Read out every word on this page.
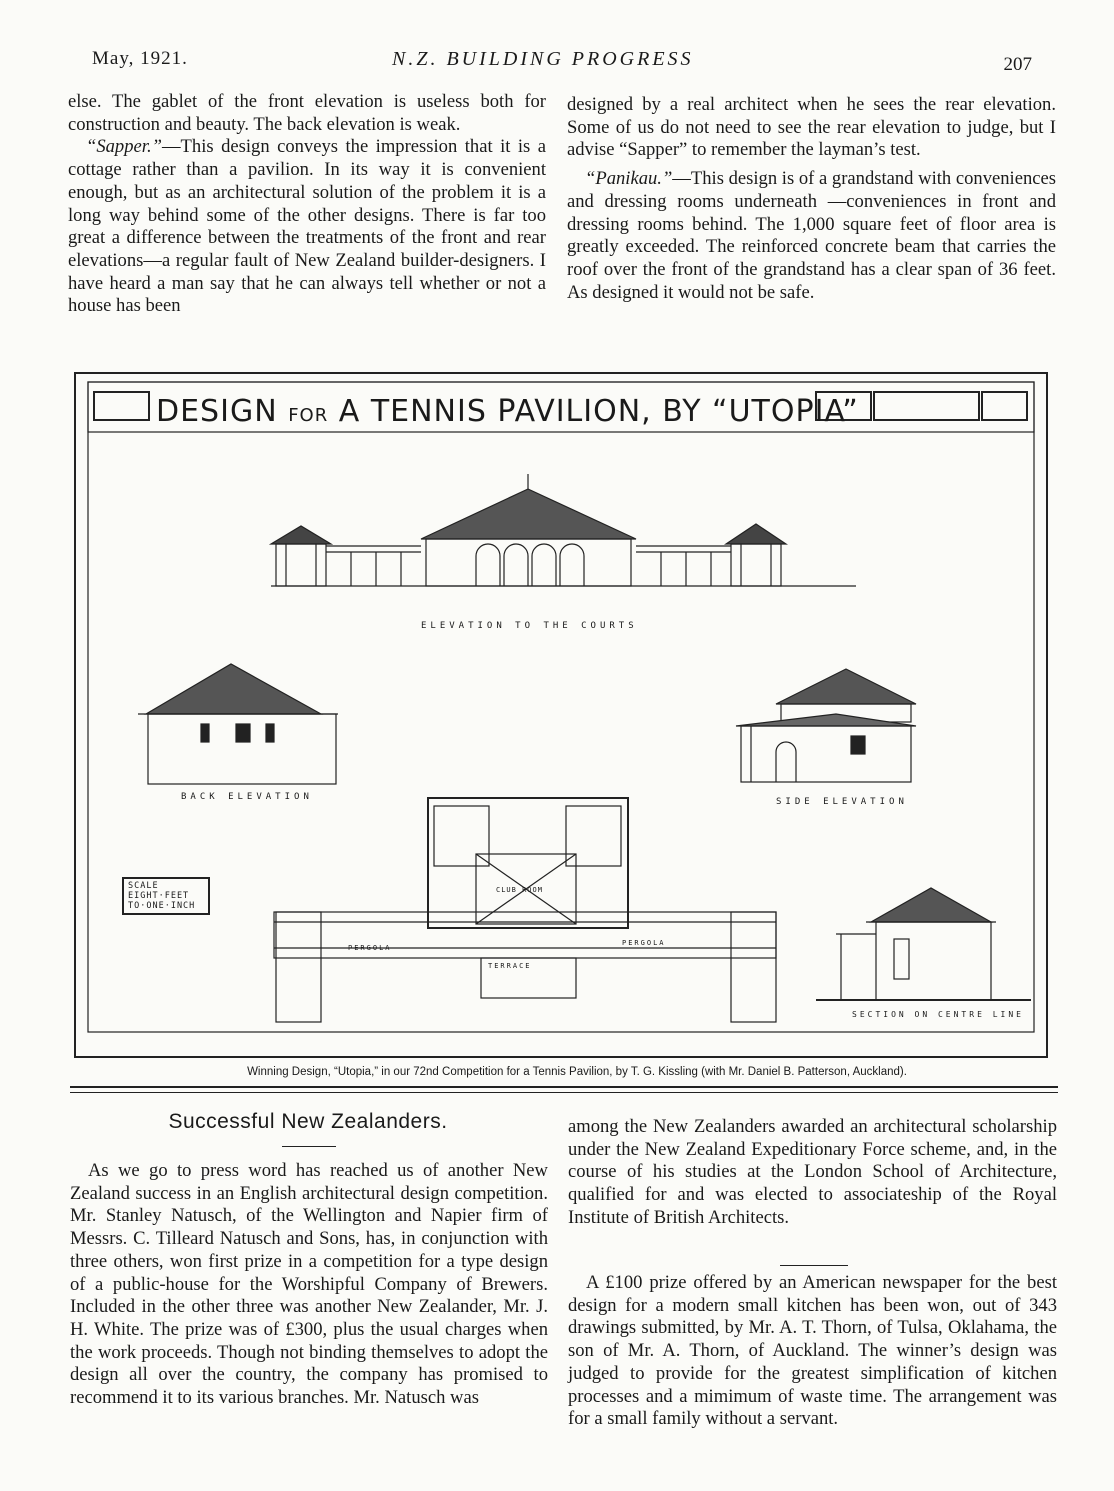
May, 1921.	N.Z. BUILDING PROGRESS	207

else. The gablet of the front elevation is useless both for construction and beauty. The back elevation is weak.

“Sapper.”—This design conveys the impression that it is a cottage rather than a pavilion. In its way it is convenient enough, but as an architectural solution of the problem it is a long way behind some of the other designs. There is far too great a difference between the treatments of the front and rear elevations—a regular fault of New Zealand builder-designers. I have heard a man say that he can always tell whether or not a house has been

designed by a real architect when he sees the rear elevation. Some of us do not need to see the rear elevation to judge, but I advise “Sapper” to remember the layman’s test.

“Panikau.”—This design is of a grandstand with conveniences and dressing rooms underneath —conveniences in front and dressing rooms behind. The 1,000 square feet of floor area is greatly exceeded. The reinforced concrete beam that carries the roof over the front of the grandstand has a clear span of 36 feet. As designed it would not be safe.

DESIGN FOR A TENNIS PAVILION, BY “UTOPIA”
ELEVATION TO THE COURTS
BACK ELEVATION	SIDE ELEVATION
SECTION ON CENTRE LINE
PERGOLA
PERGOLA
TERRACE
CLUB ROOM
SCALE
EIGHT·FEET
TO·ONE·INCH
Winning Design, “Utopia,” in our 72nd Competition for a Tennis Pavilion, by T. G. Kissling (with Mr. Daniel B. Patterson, Auckland).
Successful New Zealanders.

As we go to press word has reached us of another New Zealand success in an English architectural design competition. Mr. Stanley Natusch, of the Wellington and Napier firm of Messrs. C. Tilleard Natusch and Sons, has, in conjunction with three others, won first prize in a competition for a type design of a public-house for the Worshipful Company of Brewers. Included in the other three was another New Zealander, Mr. J. H. White. The prize was of £300, plus the usual charges when the work proceeds. Though not binding themselves to adopt the design all over the country, the company has promised to recommend it to its various branches. Mr. Natusch was

among the New Zealanders awarded an architectural scholarship under the New Zealand Expeditionary Force scheme, and, in the course of his studies at the London School of Architecture, qualified for and was elected to associateship of the Royal Institute of British Architects.

A £100 prize offered by an American newspaper for the best design for a modern small kitchen has been won, out of 343 drawings submitted, by Mr. A. T. Thorn, of Tulsa, Oklahama, the son of Mr. A. Thorn, of Auckland. The winner’s design was judged to provide for the greatest simplification of kitchen processes and a mimimum of waste time. The arrangement was for a small family without a servant.
